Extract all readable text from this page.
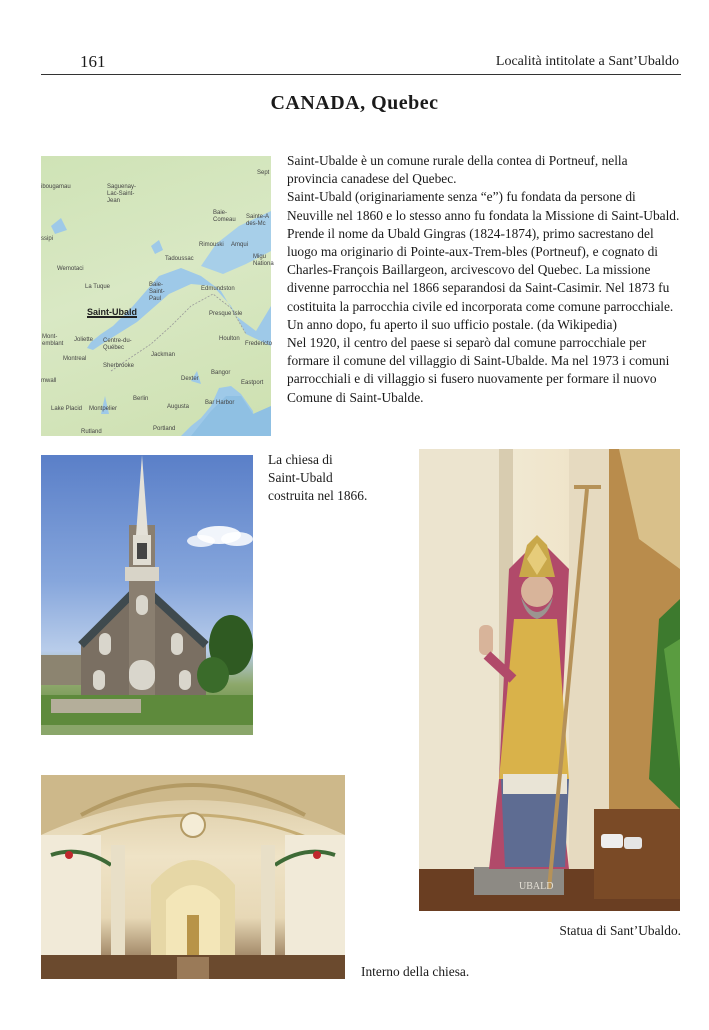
161	Località intitolate a Sant’Ubaldo
CANADA, Quebec
Saguenay-
Lac-Saint-
Jean
Baie-
Comeau Sainte-A
des-Mc
Rimouski Amqui
Migu
Nationa
Tadoussac
Wemotaci
La Tuque	Baie-
Saint-
Paul
Edmundston
Presque Isle
Saint-Ubald
Mont-
emblant
Joliette Centre-du-
Québec
Houlton
Fredericto
Jackman
Montreal
Sherbrooke
Dexter
Eastport
Bangor
Berlin
Augusta
Bar Harbor
Lake Placid Montpelier
Portland
Rutland
ibougamau
Sept
ssipi
mwall

Saint-Ubalde è un comune rurale della contea di Portneuf, nella provincia canadese del Quebec.

Saint-Ubald (originariamente senza “e”) fu fondata da persone di Neuville nel 1860 e lo stesso anno fu fondata la Missione di Saint-Ubald. Prende il nome da Ubald Gingras (1824-1874), primo sacrestano del luogo ma originario di Pointe-aux-Trem-bles (Portneuf), e cognato di Charles-François Baillargeon, arcivescovo del Quebec. La missione divenne parrocchia nel 1866 separandosi da Saint-Casimir. Nel 1873 fu costituita la parrocchia civile ed incorporata come comune parrocchiale. Un anno dopo, fu aperto il suo ufficio postale. (da Wikipedia)

Nel 1920, il centro del paese si separò dal comune parrocchiale per formare il comune del villaggio di Saint-Ubalde. Ma nel 1973 i comuni parrocchiali e di villaggio si fusero nuovamente per formare il nuovo Comune di Saint-Ubalde.

La chiesa di
Saint-Ubald
costruita nel 1866.
UBALD
Statua di Sant’Ubaldo.
Interno della chiesa.
